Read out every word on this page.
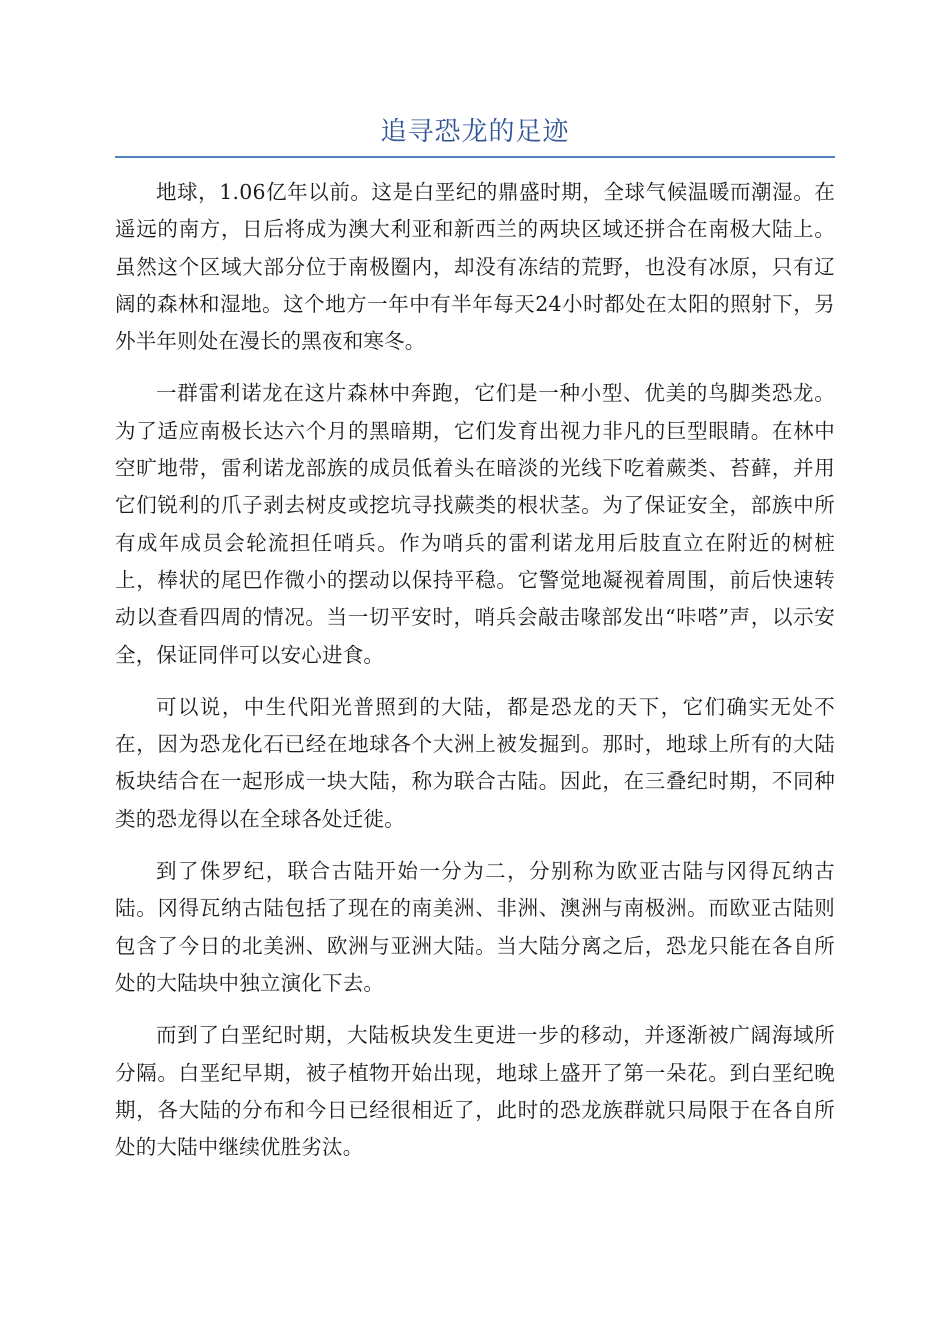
追寻恐龙的足迹

地球，1.06亿年以前。这是白垩纪的鼎盛时期，全球气候温暖而潮湿。在遥远的南方，日后将成为澳大利亚和新西兰的两块区域还拼合在南极大陆上。虽然这个区域大部分位于南极圈内，却没有冻结的荒野，也没有冰原，只有辽阔的森林和湿地。这个地方一年中有半年每天24小时都处在太阳的照射下，另外半年则处在漫长的黑夜和寒冬。

一群雷利诺龙在这片森林中奔跑，它们是一种小型、优美的鸟脚类恐龙。为了适应南极长达六个月的黑暗期，它们发育出视力非凡的巨型眼睛。在林中空旷地带，雷利诺龙部族的成员低着头在暗淡的光线下吃着蕨类、苔藓，并用它们锐利的爪子剥去树皮或挖坑寻找蕨类的根状茎。为了保证安全，部族中所有成年成员会轮流担任哨兵。作为哨兵的雷利诺龙用后肢直立在附近的树桩上，棒状的尾巴作微小的摆动以保持平稳。它警觉地凝视着周围，前后快速转动以查看四周的情况。当一切平安时，哨兵会敲击喙部发出“咔嗒”声，以示安全，保证同伴可以安心进食。

可以说，中生代阳光普照到的大陆，都是恐龙的天下，它们确实无处不在，因为恐龙化石已经在地球各个大洲上被发掘到。那时，地球上所有的大陆板块结合在一起形成一块大陆，称为联合古陆。因此，在三叠纪时期，不同种类的恐龙得以在全球各处迁徙。

到了侏罗纪，联合古陆开始一分为二，分别称为欧亚古陆与冈得瓦纳古陆。冈得瓦纳古陆包括了现在的南美洲、非洲、澳洲与南极洲。而欧亚古陆则包含了今日的北美洲、欧洲与亚洲大陆。当大陆分离之后，恐龙只能在各自所处的大陆块中独立演化下去。

而到了白垩纪时期，大陆板块发生更进一步的移动，并逐渐被广阔海域所分隔。白垩纪早期，被子植物开始出现，地球上盛开了第一朵花。到白垩纪晚期，各大陆的分布和今日已经很相近了，此时的恐龙族群就只局限于在各自所处的大陆中继续优胜劣汰。
